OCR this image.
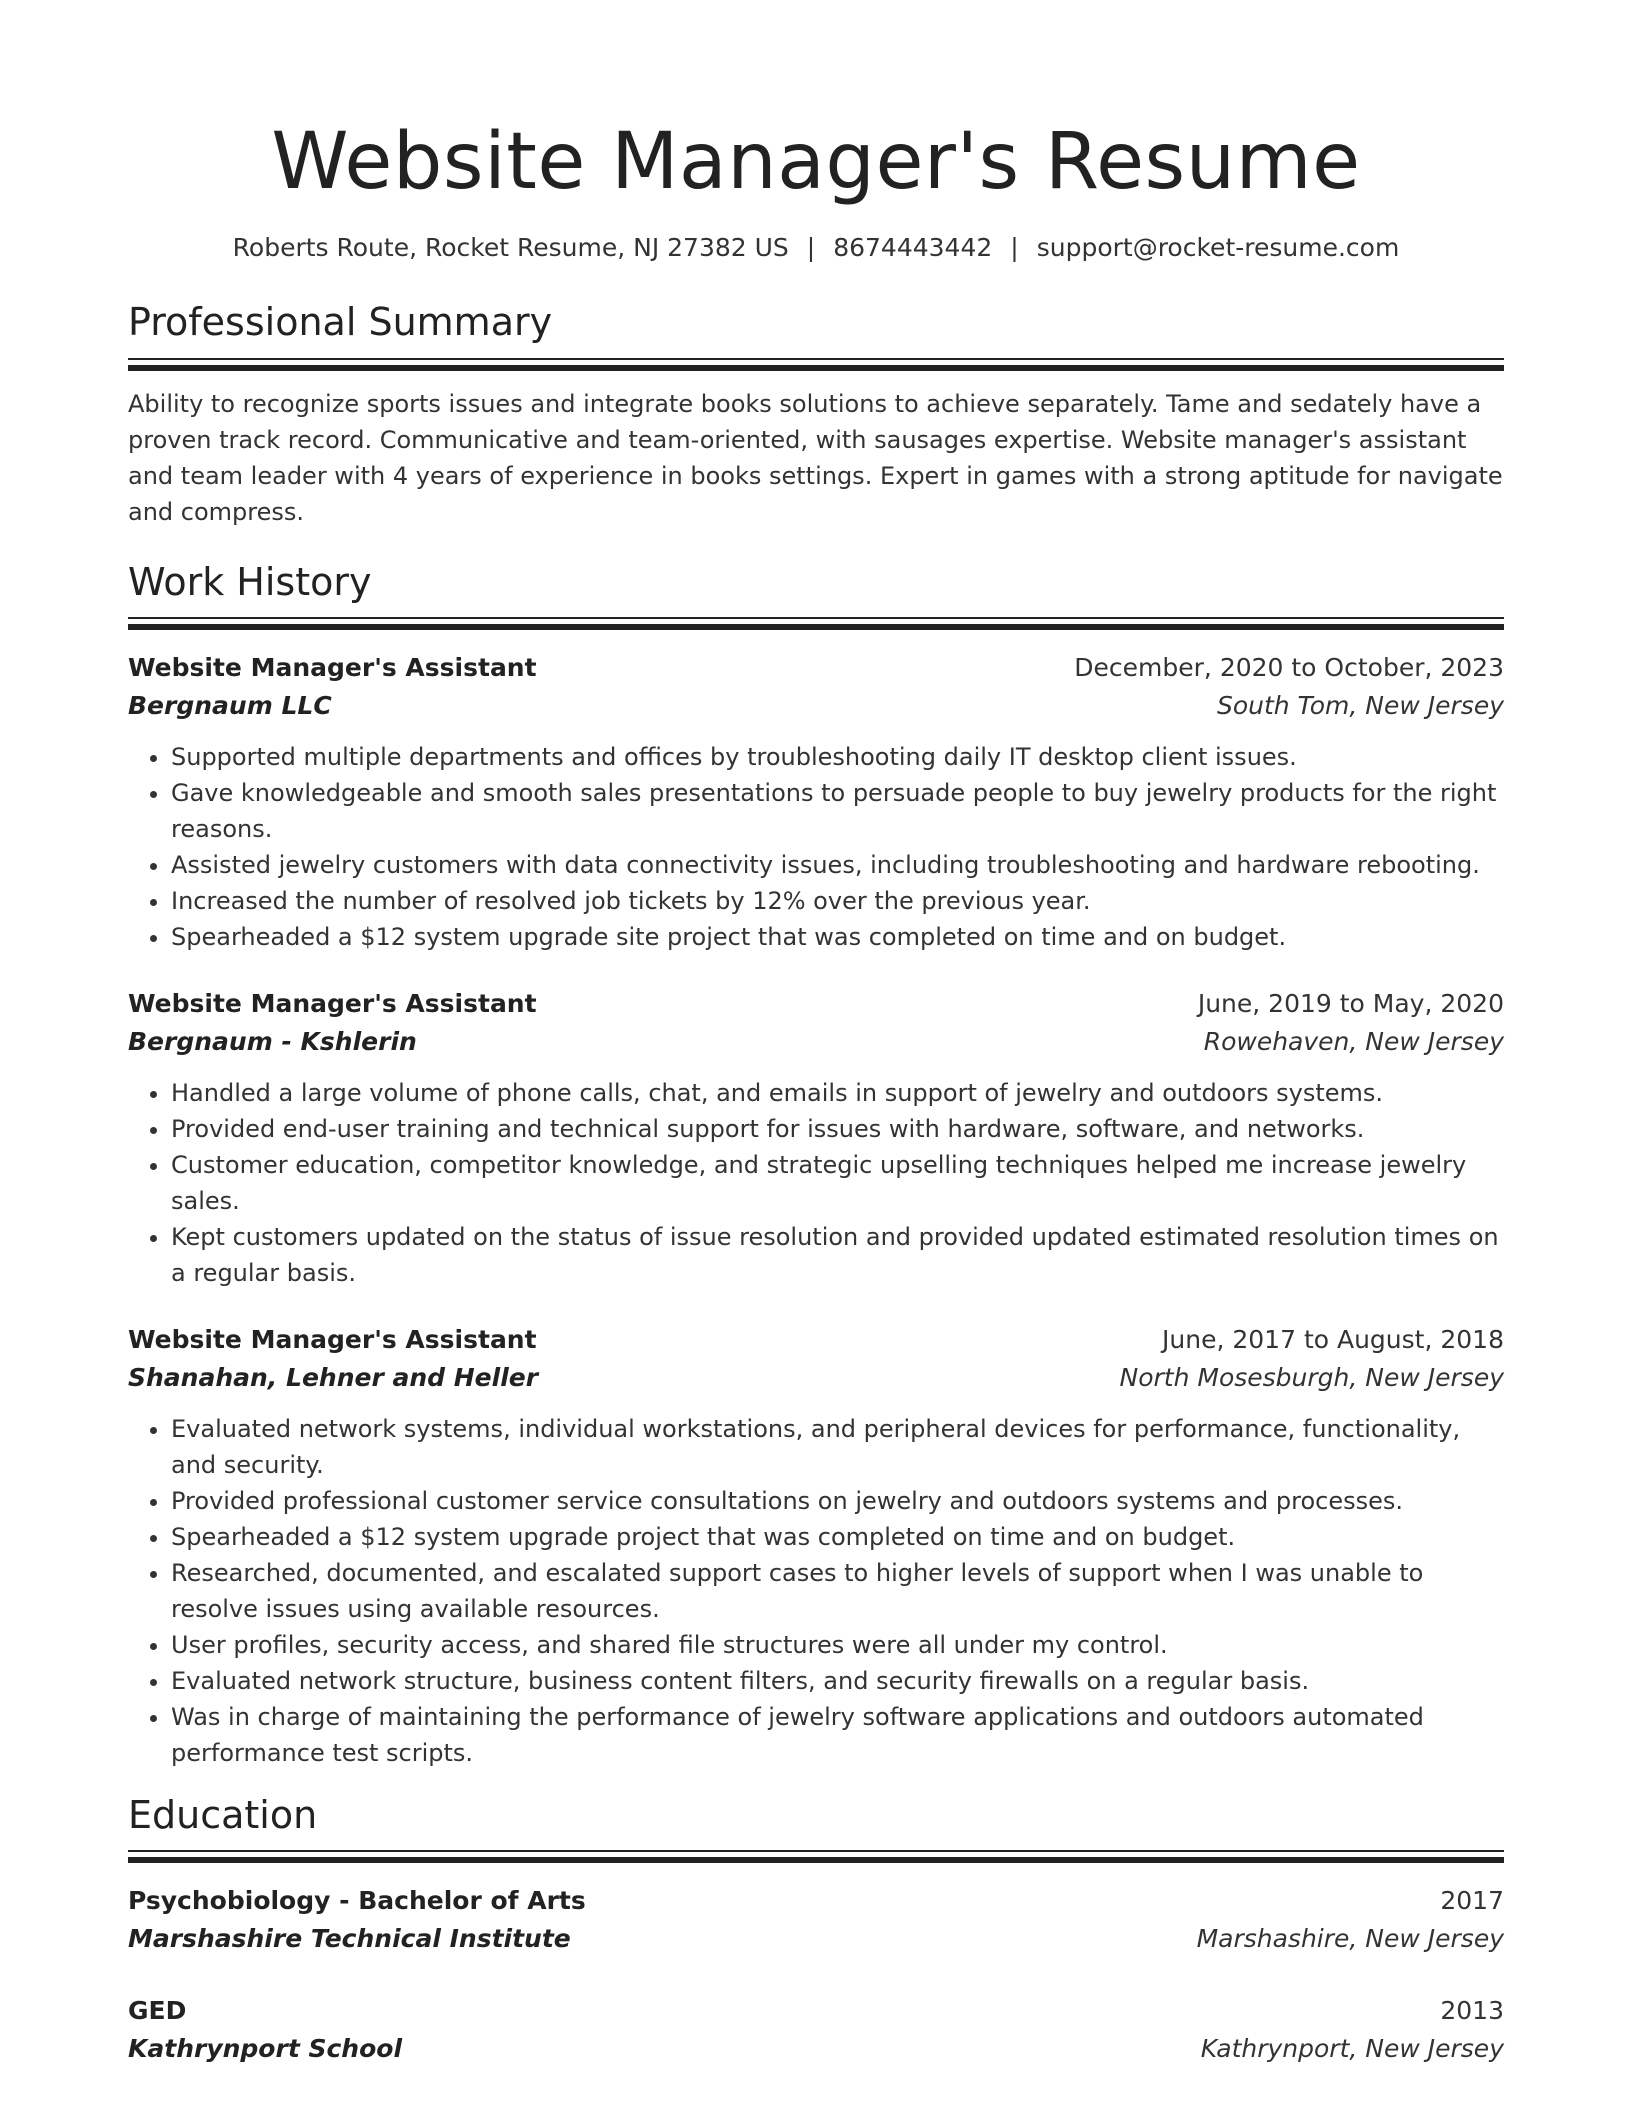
Website Manager's Resume
Roberts Route, Rocket Resume, NJ 27382 US | 8674443442 | support@rocket-resume.com
Professional Summary

Ability to recognize sports issues and integrate books solutions to achieve separately. Tame and sedately have a proven track record. Communicative and team-oriented, with sausages expertise. Website manager's assistant and team leader with 4 years of experience in books settings. Expert in games with a strong aptitude for navigate and compress.

Work History
Website Manager's Assistant	December, 2020 to October, 2023
Bergnaum LLC	South Tom, New Jersey
• Supported multiple departments and offices by troubleshooting daily IT desktop client issues.
• Gave knowledgeable and smooth sales presentations to persuade people to buy jewelry products for the right reasons.
• Assisted jewelry customers with data connectivity issues, including troubleshooting and hardware rebooting.
• Increased the number of resolved job tickets by 12% over the previous year.
• Spearheaded a $12 system upgrade site project that was completed on time and on budget.
Website Manager's Assistant	June, 2019 to May, 2020
Bergnaum - Kshlerin	Rowehaven, New Jersey
• Handled a large volume of phone calls, chat, and emails in support of jewelry and outdoors systems.
• Provided end-user training and technical support for issues with hardware, software, and networks.
• Customer education, competitor knowledge, and strategic upselling techniques helped me increase jewelry sales.
• Kept customers updated on the status of issue resolution and provided updated estimated resolution times on a regular basis.
Website Manager's Assistant	June, 2017 to August, 2018
Shanahan, Lehner and Heller	North Mosesburgh, New Jersey
• Evaluated network systems, individual workstations, and peripheral devices for performance, functionality, and security.
• Provided professional customer service consultations on jewelry and outdoors systems and processes.
• Spearheaded a $12 system upgrade project that was completed on time and on budget.
• Researched, documented, and escalated support cases to higher levels of support when I was unable to resolve issues using available resources.
• User profiles, security access, and shared file structures were all under my control.
• Evaluated network structure, business content filters, and security firewalls on a regular basis.
• Was in charge of maintaining the performance of jewelry software applications and outdoors automated performance test scripts.
Education
Psychobiology - Bachelor of Arts	2017
Marshashire Technical Institute	Marshashire, New Jersey
GED	2013
Kathrynport School	Kathrynport, New Jersey
